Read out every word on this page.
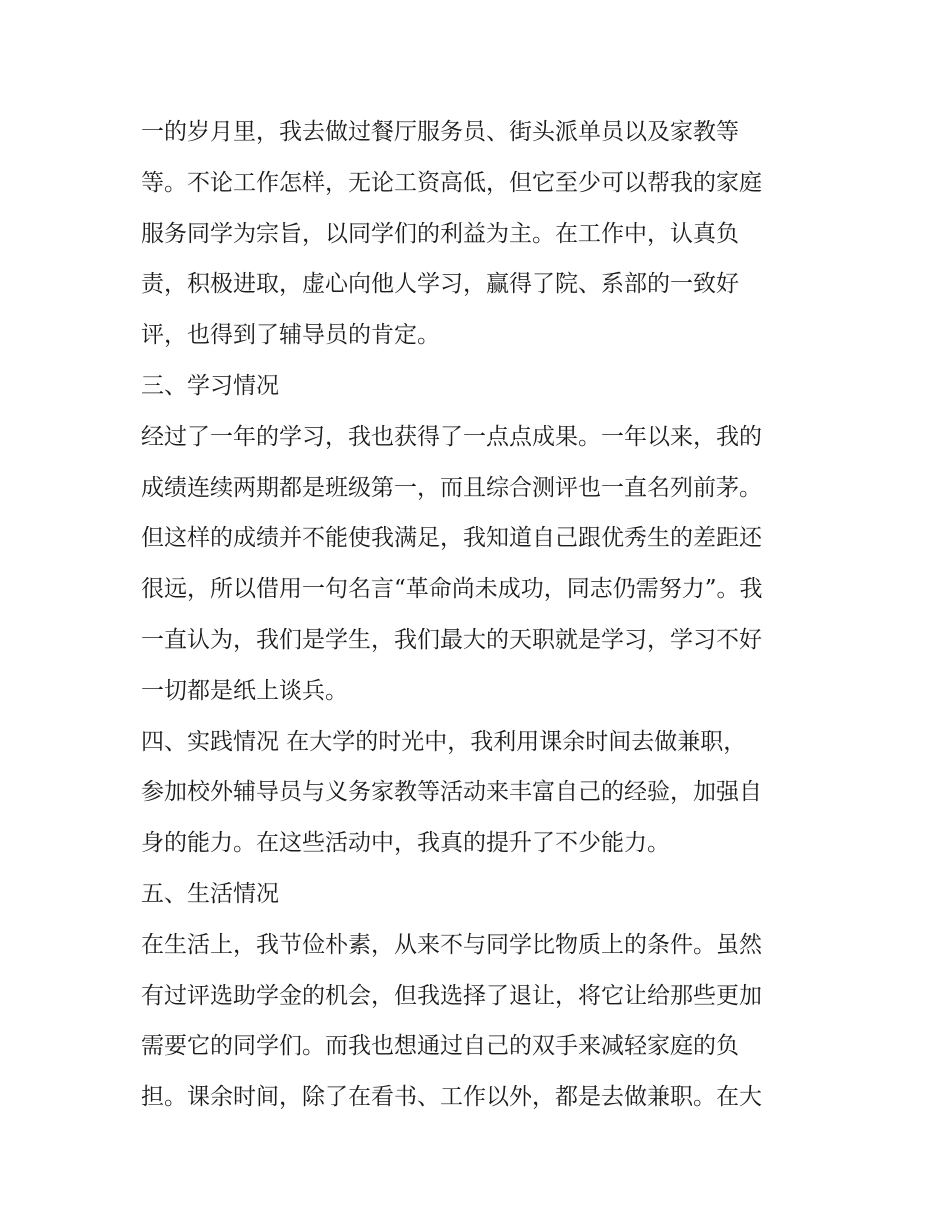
一的岁月里，我去做过餐厅服务员、街头派单员以及家教等
等。不论工作怎样，无论工资高低，但它至少可以帮我的家庭
服务同学为宗旨，以同学们的利益为主。在工作中，认真负
责，积极进取，虚心向他人学习，赢得了院、系部的一致好
评，也得到了辅导员的肯定。
三、学习情况
经过了一年的学习，我也获得了一点点成果。一年以来，我的
成绩连续两期都是班级第一，而且综合测评也一直名列前茅。
但这样的成绩并不能使我满足，我知道自己跟优秀生的差距还
很远，所以借用一句名言“革命尚未成功，同志仍需努力”。我
一直认为，我们是学生，我们最大的天职就是学习，学习不好
一切都是纸上谈兵。
四、实践情况 在大学的时光中，我利用课余时间去做兼职，
参加校外辅导员与义务家教等活动来丰富自己的经验，加强自
身的能力。在这些活动中，我真的提升了不少能力。
五、生活情况
在生活上，我节俭朴素，从来不与同学比物质上的条件。虽然
有过评选助学金的机会，但我选择了退让，将它让给那些更加
需要它的同学们。而我也想通过自己的双手来减轻家庭的负
担。课余时间，除了在看书、工作以外，都是去做兼职。在大
